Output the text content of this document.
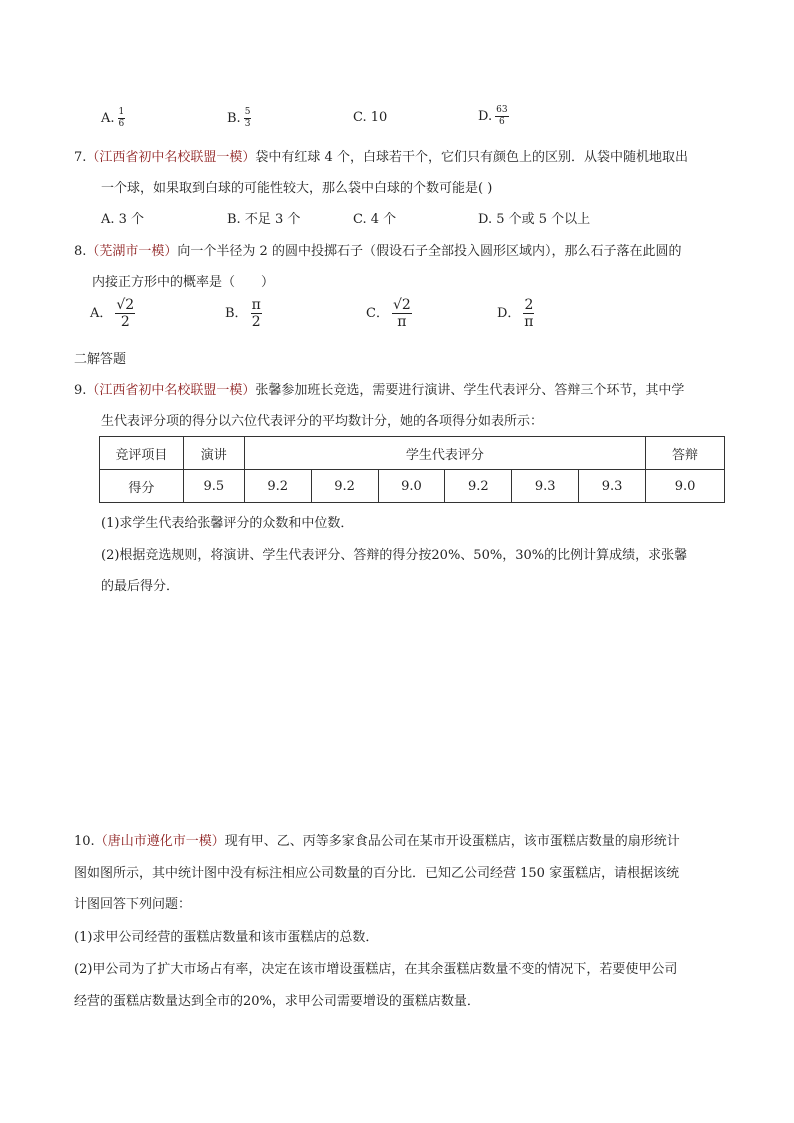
A. $\frac{1}{6}$	B. $\frac{5}{3}$	C. 10	D. $\frac{63}{6}$
7.（江西省初中名校联盟一模）袋中有红球 4 个，白球若干个，它们只有颜色上的区别．从袋中随机地取出
一个球，如果取到白球的可能性较大，那么袋中白球的个数可能是( )
A. 3 个	B. 不足 3 个	C. 4 个	D. 5 个或 5 个以上
8.（芜湖市一模）向一个半径为 2 的圆中投掷石子（假设石子全部投入圆形区域内），那么石子落在此圆的
内接正方形中的概率是（　　）
A． $\frac{√2}{2}$	B． $\frac{\pi}{2}$	C． $\frac{√2}{\pi}$	D． $\frac{2}{\pi}$
二解答题
9.（江西省初中名校联盟一模）张馨参加班长竞选，需要进行演讲、学生代表评分、答辩三个环节，其中学
生代表评分项的得分以六位代表评分的平均数计分，她的各项得分如表所示：
竞评项目	演讲	学生代表评分						答辩
得分	9.5	9.2	9.2	9.0	9.2	9.3	9.3	9.0
(1)求学生代表给张馨评分的众数和中位数．
(2)根据竞选规则，将演讲、学生代表评分、答辩的得分按20%、50%，30%的比例计算成绩，求张馨
的最后得分．
10.（唐山市遵化市一模）现有甲、乙、丙等多家食品公司在某市开设蛋糕店，该市蛋糕店数量的扇形统计
图如图所示，其中统计图中没有标注相应公司数量的百分比．已知乙公司经营 150 家蛋糕店，请根据该统
计图回答下列问题：
(1)求甲公司经营的蛋糕店数量和该市蛋糕店的总数．
(2)甲公司为了扩大市场占有率，决定在该市增设蛋糕店，在其余蛋糕店数量不变的情况下，若要使甲公司
经营的蛋糕店数量达到全市的20%，求甲公司需要增设的蛋糕店数量．
